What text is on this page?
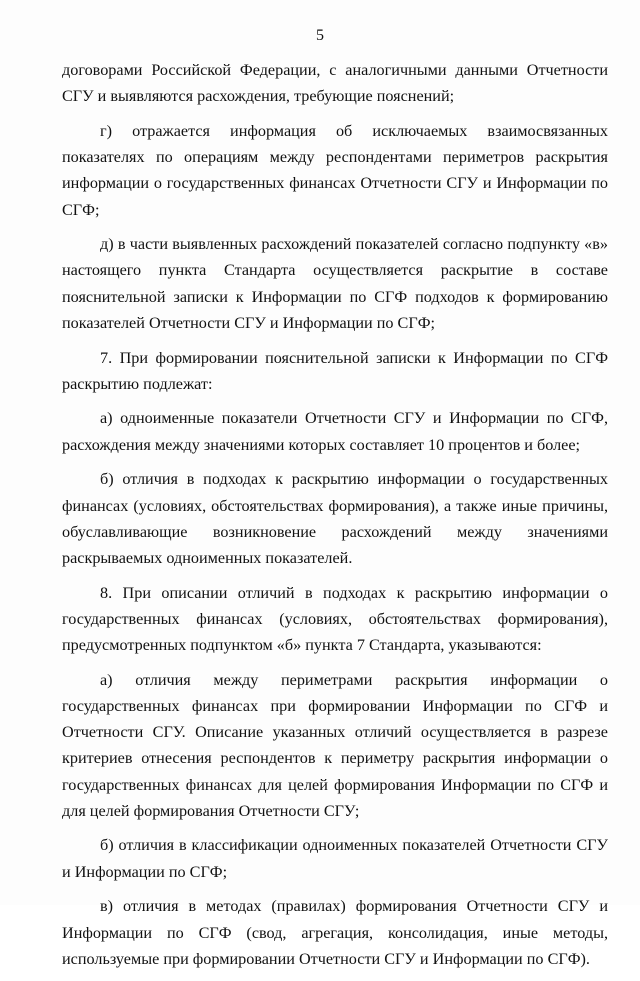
5

договорами Российской Федерации, с аналогичными данными Отчетности СГУ и выявляются расхождения, требующие пояснений;

г) отражается информация об исключаемых взаимосвязанных показателях по операциям между респондентами периметров раскрытия информации о государственных финансах Отчетности СГУ и Информации по СГФ;

д) в части выявленных расхождений показателей согласно подпункту «в» настоящего пункта Стандарта осуществляется раскрытие в составе пояснительной записки к Информации по СГФ подходов к формированию показателей Отчетности СГУ и Информации по СГФ;

7. При формировании пояснительной записки к Информации по СГФ раскрытию подлежат:

а) одноименные показатели Отчетности СГУ и Информации по СГФ, расхождения между значениями которых составляет 10 процентов и более;

б) отличия в подходах к раскрытию информации о государственных финансах (условиях, обстоятельствах формирования), а также иные причины, обуславливающие возникновение расхождений между значениями раскрываемых одноименных показателей.

8. При описании отличий в подходах к раскрытию информации о государственных финансах (условиях, обстоятельствах формирования), предусмотренных подпунктом «б» пункта 7 Стандарта, указываются:

а) отличия между периметрами раскрытия информации о государственных финансах при формировании Информации по СГФ и Отчетности СГУ. Описание указанных отличий осуществляется в разрезе критериев отнесения респондентов к периметру раскрытия информации о государственных финансах для целей формирования Информации по СГФ и для целей формирования Отчетности СГУ;

б) отличия в классификации одноименных показателей Отчетности СГУ и Информации по СГФ;

в) отличия в методах (правилах) формирования Отчетности СГУ и Информации по СГФ (свод, агрегация, консолидация, иные методы, используемые при формировании Отчетности СГУ и Информации по СГФ).
